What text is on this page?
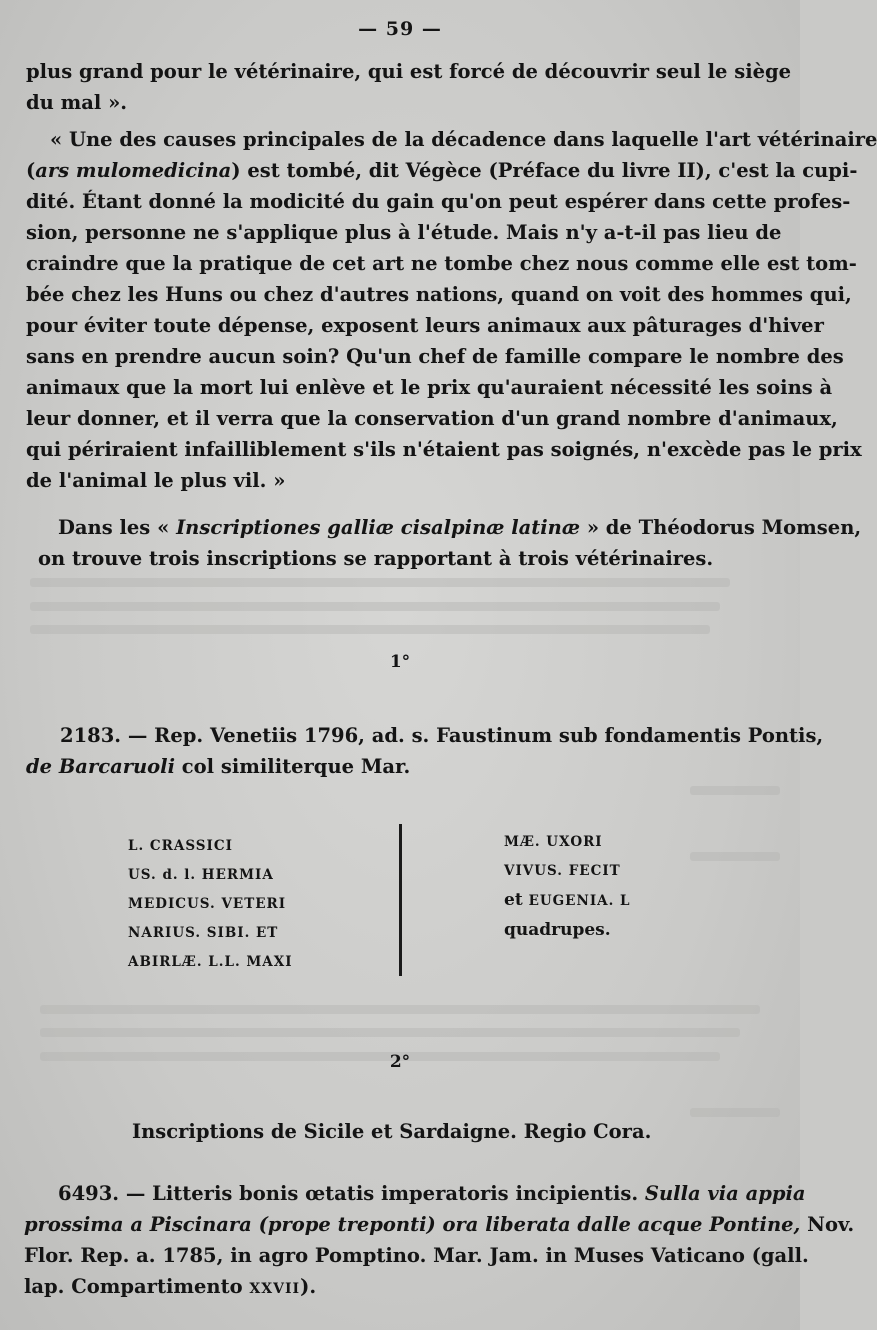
— 59 —
plus grand pour le vétérinaire, qui est forcé de découvrir seul le siège
du mal ».
« Une des causes principales de la décadence dans laquelle l'art vétérinaire
(ars mulomedicina) est tombé, dit Végèce (Préface du livre II), c'est la cupi-
dité. Étant donné la modicité du gain qu'on peut espérer dans cette profes-
sion, personne ne s'applique plus à l'étude. Mais n'y a-t-il pas lieu de
craindre que la pratique de cet art ne tombe chez nous comme elle est tom-
bée chez les Huns ou chez d'autres nations, quand on voit des hommes qui,
pour éviter toute dépense, exposent leurs animaux aux pâturages d'hiver
sans en prendre aucun soin? Qu'un chef de famille compare le nombre des
animaux que la mort lui enlève et le prix qu'auraient nécessité les soins à
leur donner, et il verra que la conservation d'un grand nombre d'animaux,
qui périraient infailliblement s'ils n'étaient pas soignés, n'excède pas le prix
de l'animal le plus vil. »
Dans les « Inscriptiones galliæ cisalpinæ latinæ » de Théodorus Momsen,
on trouve trois inscriptions se rapportant à trois vétérinaires.
1°
2183. — Rep. Venetiis 1796, ad. s. Faustinum sub fondamentis Pontis,
de Barcaruoli col similiterque Mar.
L. CRASSICI
US. d. l. HERMIA
MEDICUS. VETERI
NARIUS. SIBI. ET
ABIRLÆ. L.L. MAXI
MÆ. UXORI
VIVUS. FECIT
et EUGENIA. L
quadrupes.
2°
Inscriptions de Sicile et Sardaigne. Regio Cora.
6493. — Litteris bonis œtatis imperatoris incipientis. Sulla via appia
prossima a Piscinara (prope treponti) ora liberata dalle acque Pontine, Nov.
Flor. Rep. a. 1785, in agro Pomptino. Mar. Jam. in Muses Vaticano (gall.
lap. Compartimento XXVII).
